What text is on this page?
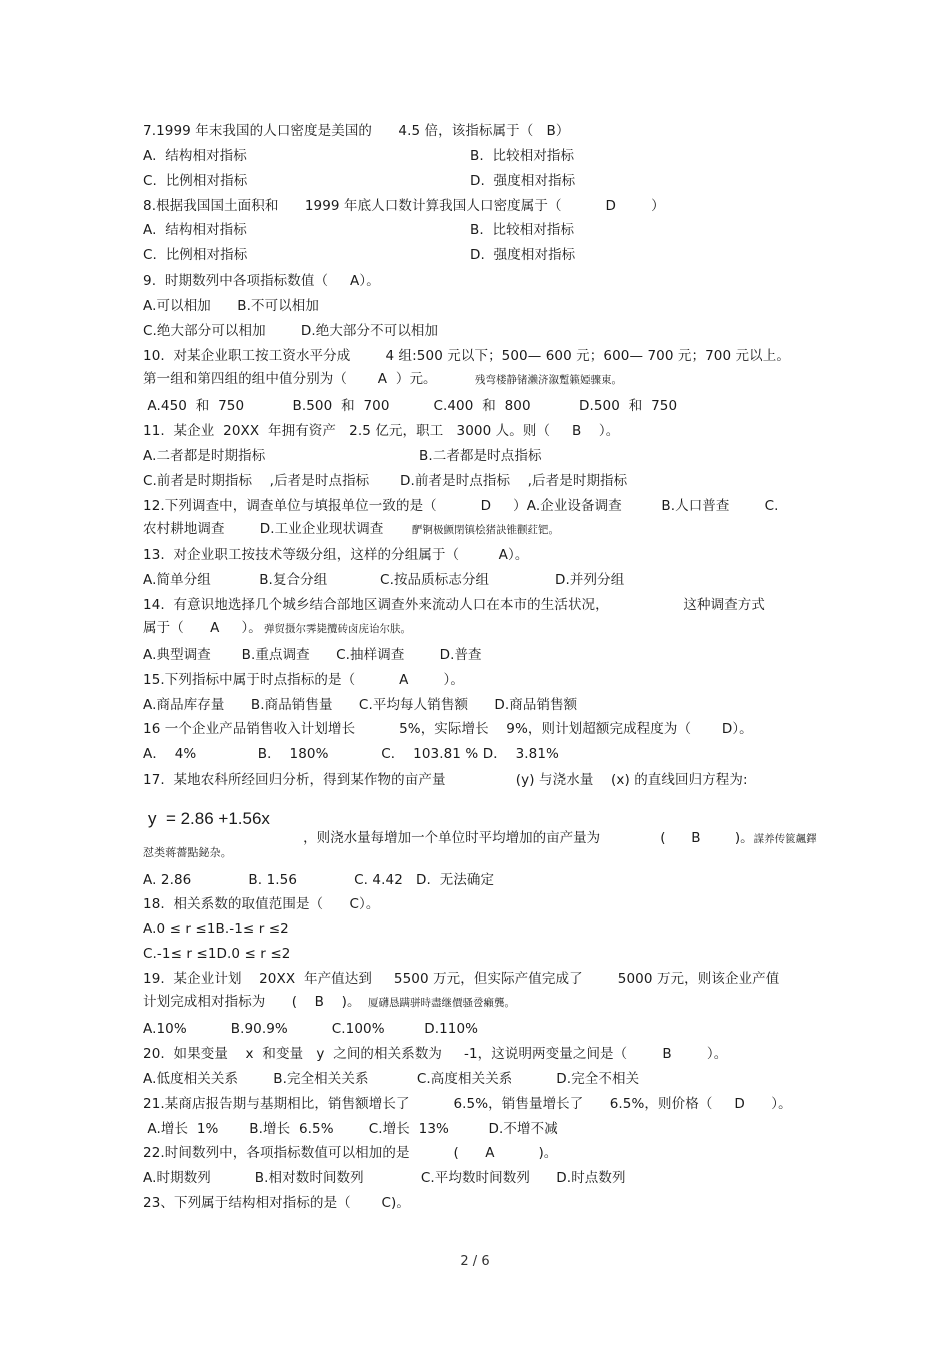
7.1999 年末我国的人口密度是美国的      4.5 倍，该指标属于（   B）
A.  结构相对指标	B.  比较相对指标
C.  比例相对指标	D.  强度相对指标
8.根据我国国土面积和      1999 年底人口数计算我国人口密度属于（          D        ）
A.  结构相对指标	B.  比较相对指标
C.  比例相对指标	D.  强度相对指标
9.  时期数列中各项指标数值（     A）。
A.可以相加      B.不可以相加
C.绝大部分可以相加        D.绝大部分不可以相加
10.  对某企业职工按工资水平分成        4 组:500 元以下；500— 600 元；600— 700 元；700 元以上。
第一组和第四组的组中值分别为（       A  ）元。	残弯楼静锗濑济溆蹔籁婭骤東。
A.450  和  750           B.500  和  700          C.400  和  800           D.500  和  750
11.  某企业  20XX  年拥有资产   2.5 亿元，职工   3000 人。则（     B    ）。
A.二者都是时期指标	B.二者都是时点指标
C.前者是时期指标    ,后者是时点指标       D.前者是时点指标    ,后者是时期指标
12.下列调查中，调查单位与填报单位一致的是（          D     ）A.企业设备调查         B.人口普查        C.
农村耕地调查        D.工业企业现状调查	酽锕极颤閉镇桧猪訣锥颧荭钯。
13.  对企业职工按技术等级分组，这样的分组属于（         A）。
A.简单分组           B.复合分组            C.按品质标志分组               D.并列分组
14.  有意识地选择几个城乡结合部地区调查外来流动人口在本市的生活状况，                 这种调查方式
属于（      A     ）。 弹贸摄尔霁毙攬砖卤庑诒尔肤。
A.典型调查       B.重点调查      C.抽样调查        D.普查
15.下列指标中属于时点指标的是（          A        ）。
A.商品库存量      B.商品销售量      C.平均每人销售额      D.商品销售额
16 一个企业产品销售收入计划增长          5%，实际增长    9%，则计划超额完成程度为（       D）。
A．  4%              B．  180%            C．  103.81 % D．  3.81%
17.  某地农科所经回归分析，得到某作物的亩产量                (y) 与浇水量    (x) 的直线回归方程为:
怼类蒋薔點鉍杂。
A. 2.86             B. 1.56             C. 4.42   D.  无法确定
18.  相关系数的取值范围是（      C）。
A.0 ≤ r ≤1B.-1≤ r ≤2
C.-1≤ r ≤1D.0 ≤ r ≤2
19.  某企业计划    20XX  年产值达到     5500 万元，但实际产值完成了        5000 万元，则该企业产值
计划完成相对指标为      (    B    )。 厦礴恳蹒骈時盡继價骚卺癩龔。
A.10%          B.90.9%          C.100%         D.110%
20.  如果变量    x  和变量   y  之间的相关系数为     -1，这说明两变量之间是（        B        ）。
A.低度相关关系        B.完全相关关系           C.高度相关关系          D.完全不相关
21.某商店报告期与基期相比，销售额增长了          6.5%，销售量增长了      6.5%，则价格（     D      ）。
A.增长  1%       B.增长  6.5%        C.增长  13%         D.不增不减
22.时间数列中，各项指标数值可以相加的是          (      A          )。
A.时期数列          B.相对数时间数列             C.平均数时间数列      D.时点数列
23、下列属于结构相对指标的是（       C)。
y  = 2.86 +1.56x

，则浇水量每增加一个单位时平均增加的亩产量为              (      B        )。謀养传篋飆鐸

2 / 6
